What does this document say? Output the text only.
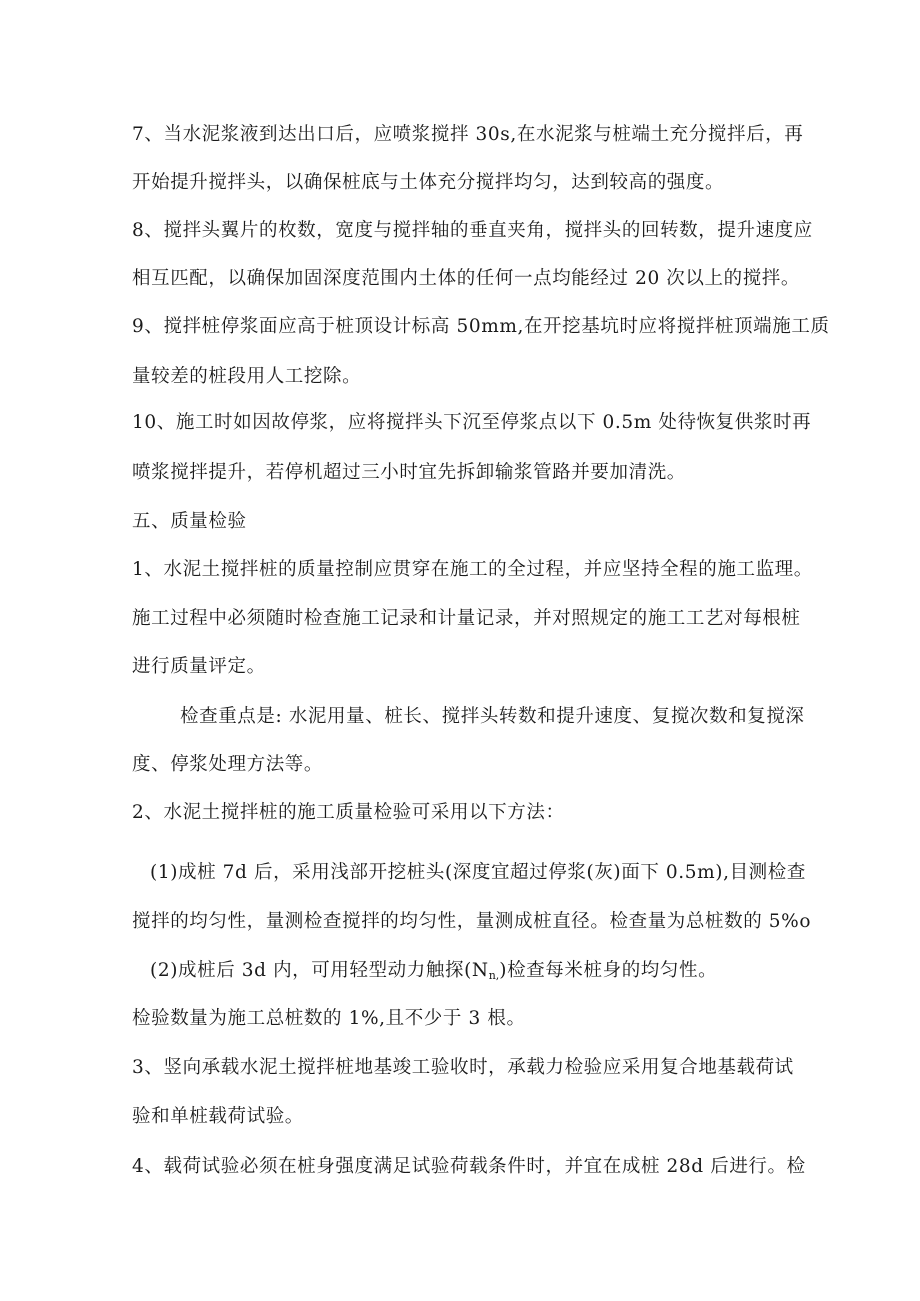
7、当水泥浆液到达出口后，应喷浆搅拌 30s,在水泥浆与桩端土充分搅拌后，再
开始提升搅拌头，以确保桩底与土体充分搅拌均匀，达到较高的强度。
8、搅拌头翼片的枚数，宽度与搅拌轴的垂直夹角，搅拌头的回转数，提升速度应
相互匹配，以确保加固深度范围内土体的任何一点均能经过 20 次以上的搅拌。
9、搅拌桩停浆面应高于桩顶设计标高 50mm,在开挖基坑时应将搅拌桩顶端施工质
量较差的桩段用人工挖除。
10、施工时如因故停浆，应将搅拌头下沉至停浆点以下 0.5m 处待恢复供浆时再
喷浆搅拌提升，若停机超过三小时宜先拆卸输浆管路并要加清洗。
五、质量检验
1、水泥土搅拌桩的质量控制应贯穿在施工的全过程，并应坚持全程的施工监理。
施工过程中必须随时检查施工记录和计量记录，并对照规定的施工工艺对每根桩
进行质量评定。
检查重点是: 水泥用量、桩长、搅拌头转数和提升速度、复搅次数和复搅深
度、停浆处理方法等。
2、水泥土搅拌桩的施工质量检验可采用以下方法：
(1)成桩 7d 后，采用浅部开挖桩头(深度宜超过停浆(灰)面下 0.5m),目测检查
搅拌的均匀性，量测检查搅拌的均匀性，量测成桩直径。检查量为总桩数的 5%o
(2)成桩后 3d 内，可用轻型动力触探$(N_{n,})$检查每米桩身的均匀性。
检验数量为施工总桩数的 1%,且不少于 3 根。
3、竖向承载水泥土搅拌桩地基竣工验收时，承载力检验应采用复合地基载荷试
验和单桩载荷试验。
4、载荷试验必须在桩身强度满足试验荷载条件时，并宜在成桩 28d 后进行。检
